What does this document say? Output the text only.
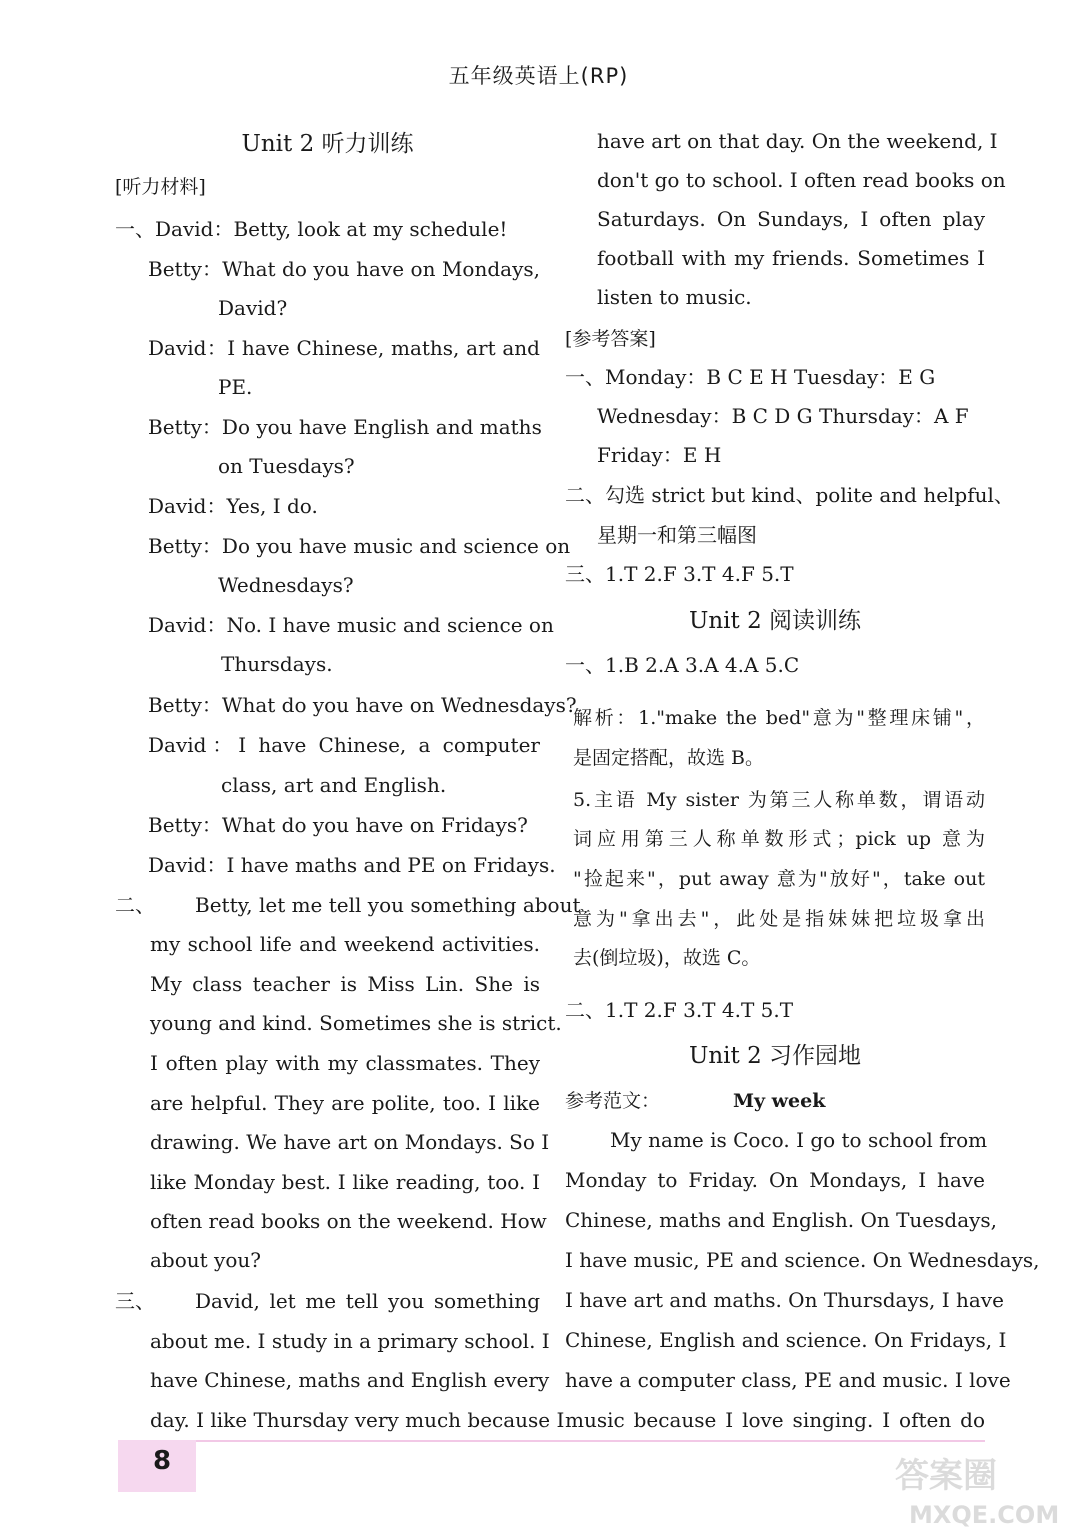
五年级英语上(RP)
Unit 2 听力训练
[听力材料]
一、David：Betty, look at my schedule!
Betty：What do you have on Mondays,
David?
David：I have Chinese, maths, art and
PE.
Betty：Do you have English and maths
on Tuesdays?
David：Yes, I do.
Betty：Do you have music and science on
Wednesdays?
David：No. I have music and science on
Thursdays.
Betty：What do you have on Wednesdays?
David：I have Chinese, a computer
class, art and English.
Betty：What do you have on Fridays?
David：I have maths and PE on Fridays.
二、	Betty, let me tell you something about
my school life and weekend activities.
My class teacher is Miss Lin. She is
young and kind. Sometimes she is strict.
I often play with my classmates. They
are helpful. They are polite, too. I like
drawing. We have art on Mondays. So I
like Monday best. I like reading, too. I
often read books on the weekend. How
about you?
三、	David, let me tell you something
about me. I study in a primary school. I
have Chinese, maths and English every
day. I like Thursday very much because I
have art on that day. On the weekend, I
don't go to school. I often read books on
Saturdays. On Sundays, I often play
football with my friends. Sometimes I
listen to music.
[参考答案]
一、Monday：B C E H Tuesday：E G
Wednesday：B C D G Thursday：A F
Friday：E H
二、勾选 strict but kind、polite and helpful、
星期一和第三幅图
三、1.T 2.F 3.T 4.F 5.T
Unit 2 阅读训练
一、1.B 2.A 3.A 4.A 5.C
解析：1."make the bed"意为"整理床铺"，
是固定搭配，故选 B。
5.主语 My sister 为第三人称单数，谓语动
词应用第三人称单数形式；pick up 意为
"捡起来"，put away 意为"放好"，take out
意为"拿出去"，此处是指妹妹把垃圾拿出
去(倒垃圾)，故选 C。
二、1.T 2.F 3.T 4.T 5.T
Unit 2 习作园地
参考范文：	My week
My name is Coco. I go to school from
Monday to Friday. On Mondays, I have
Chinese, maths and English. On Tuesdays,
I have music, PE and science. On Wednesdays,
I have art and maths. On Thursdays, I have
Chinese, English and science. On Fridays, I
have a computer class, PE and music. I love
music because I love singing. I often do
8	答案圈
MXQE.COM
